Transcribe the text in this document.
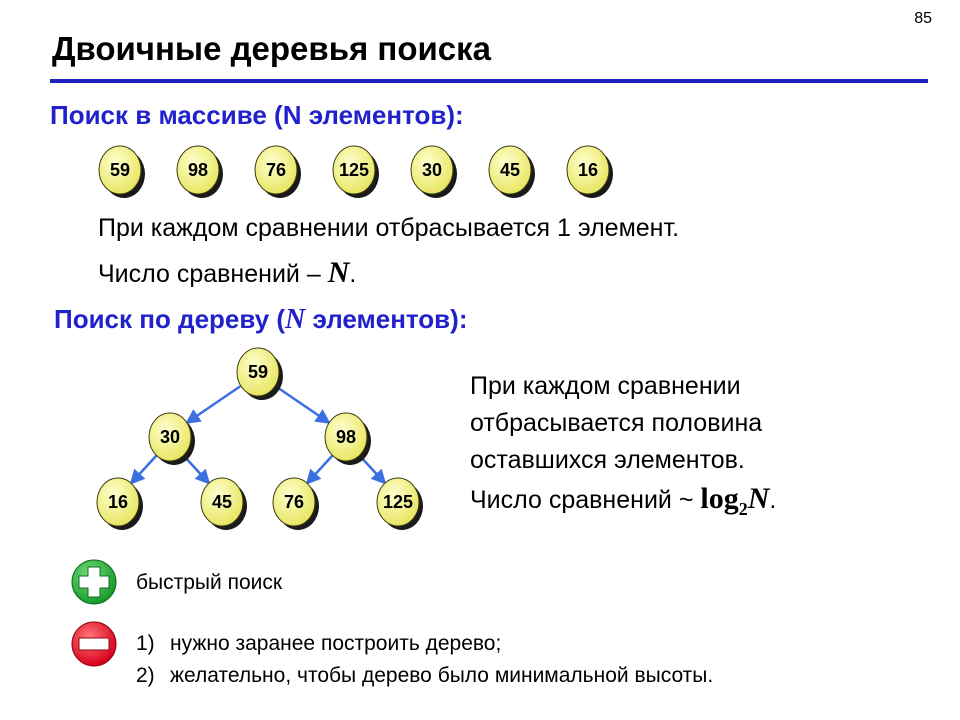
85
Двоичные деревья поиска
Поиск в массиве (N элементов):
59	98	76	125	30	45	16
При каждом сравнении отбрасывается 1 элемент.
Число сравнений – N.
Поиск по дереву (N элементов):
59
30	98
16	45	76	125
При каждом сравнении
отбрасывается половина
оставшихся элементов.
Число сравнений ~ $\log_2N$.
быстрый поиск
1) нужно заранее построить дерево;
2) желательно, чтобы дерево было минимальной высоты.
